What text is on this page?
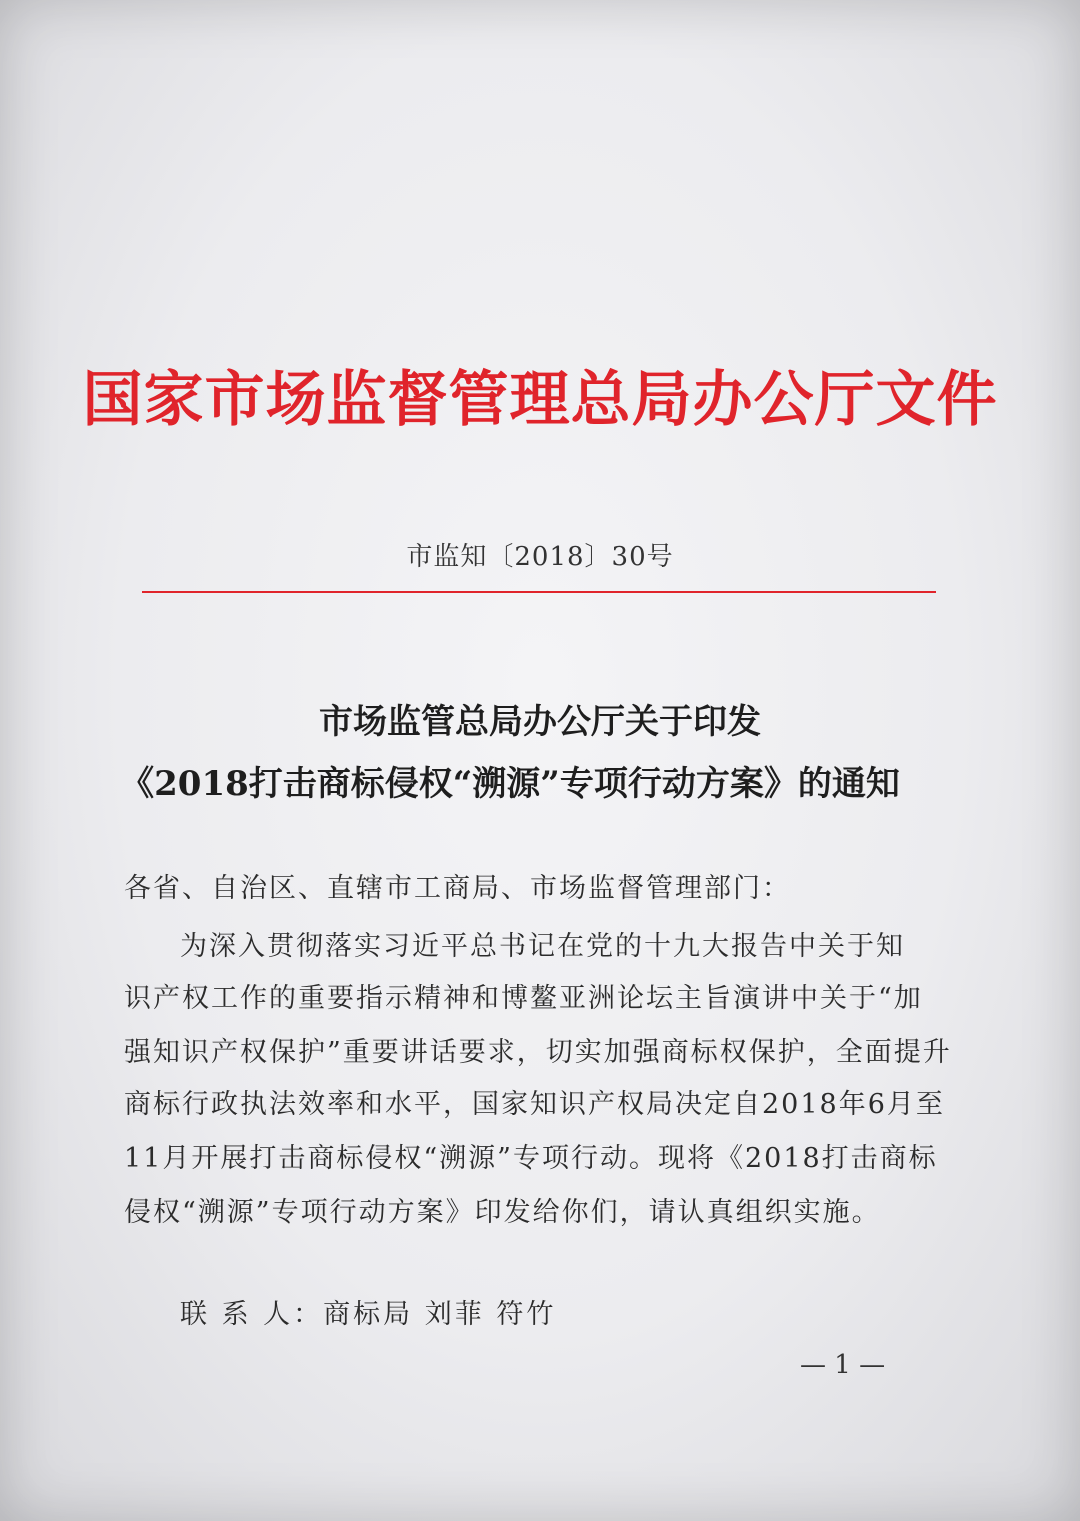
国家市场监督管理总局办公厅文件
市监知〔2018〕30号
市场监管总局办公厅关于印发
《2018打击商标侵权“溯源”专项行动方案》的通知
各省、自治区、直辖市工商局、市场监督管理部门：
为深入贯彻落实习近平总书记在党的十九大报告中关于知
识产权工作的重要指示精神和博鳌亚洲论坛主旨演讲中关于“加
强知识产权保护”重要讲话要求，切实加强商标权保护，全面提升
商标行政执法效率和水平，国家知识产权局决定自2018年6月至
11月开展打击商标侵权“溯源”专项行动。现将《2018打击商标
侵权“溯源”专项行动方案》印发给你们，请认真组织实施。
联 系 人：商标局 刘菲 符竹
— 1 —
